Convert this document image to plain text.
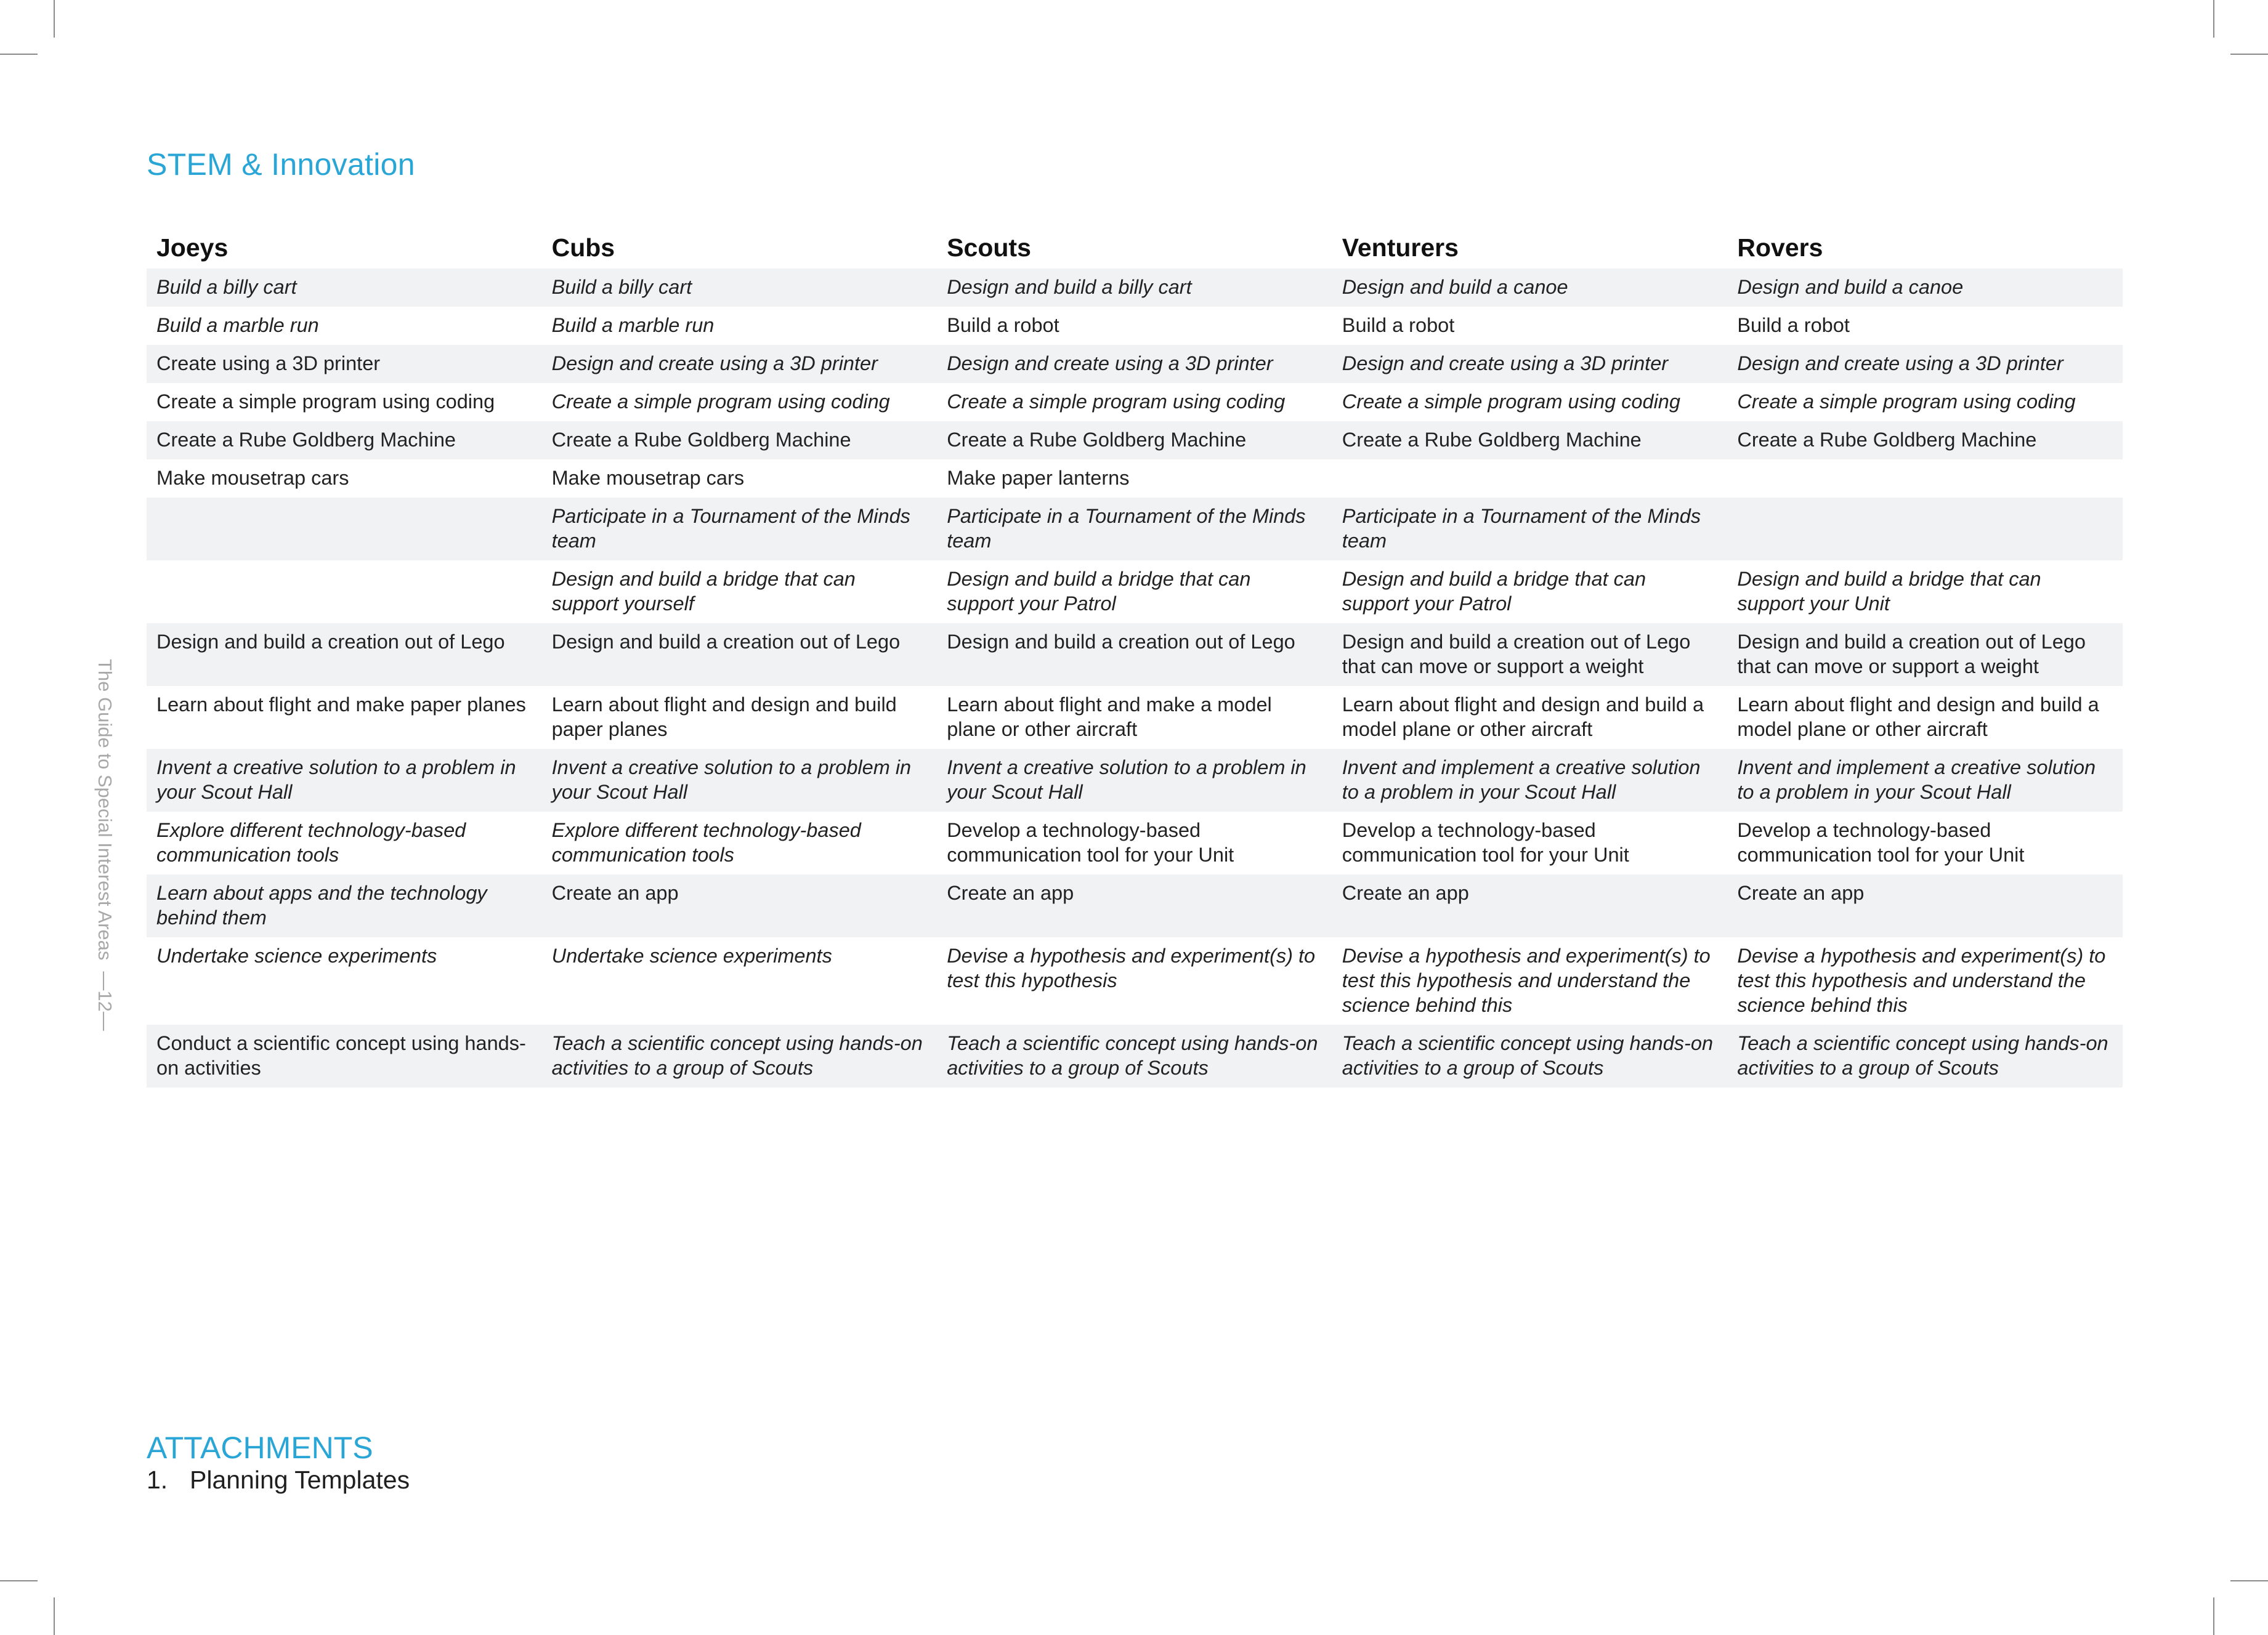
STEM & Innovation
The Guide to Special Interest Areas
—12—
Joeys	Cubs	Scouts	Venturers	Rovers
Build a billy cart	Build a billy cart	Design and build a billy cart	Design and build a canoe	Design and build a canoe
Build a marble run	Build a marble run	Build a robot	Build a robot	Build a robot
Create using a 3D printer	Design and create using a 3D printer	Design and create using a 3D printer	Design and create using a 3D printer	Design and create using a 3D printer
Create a simple program using coding	Create a simple program using coding	Create a simple program using coding	Create a simple program using coding	Create a simple program using coding
Create a Rube Goldberg Machine	Create a Rube Goldberg Machine	Create a Rube Goldberg Machine	Create a Rube Goldberg Machine	Create a Rube Goldberg Machine
Make mousetrap cars	Make mousetrap cars	Make paper lanterns		
	Participate in a Tournament of the Minds team	Participate in a Tournament of the Minds team	Participate in a Tournament of the Minds team	
	Design and build a bridge that can support yourself	Design and build a bridge that can support your Patrol	Design and build a bridge that can support your Patrol	Design and build a bridge that can support your Unit
Design and build a creation out of Lego	Design and build a creation out of Lego	Design and build a creation out of Lego	Design and build a creation out of Lego that can move or support a weight	Design and build a creation out of Lego that can move or support a weight
Learn about flight and make paper planes	Learn about flight and design and build paper planes	Learn about flight and make a model plane or other aircraft	Learn about flight and design and build a model plane or other aircraft	Learn about flight and design and build a model plane or other aircraft
Invent a creative solution to a problem in your Scout Hall	Invent a creative solution to a problem in your Scout Hall	Invent a creative solution to a problem in your Scout Hall	Invent and implement a creative solution to a problem in your Scout Hall	Invent and implement a creative solution to a problem in your Scout Hall
Explore different technology-based communication tools	Explore different technology-based communication tools	Develop a technology-based communication tool for your Unit	Develop a technology-based communication tool for your Unit	Develop a technology-based communication tool for your Unit
Learn about apps and the technology behind them	Create an app	Create an app	Create an app	Create an app
Undertake science experiments	Undertake science experiments	Devise a hypothesis and experiment(s) to test this hypothesis	Devise a hypothesis and experiment(s) to test this hypothesis and understand the science behind this	Devise a hypothesis and experiment(s) to test this hypothesis and understand the science behind this
Conduct a scientific concept using hands-on activities	Teach a scientific concept using hands-on activities to a group of Scouts	Teach a scientific concept using hands-on activities to a group of Scouts	Teach a scientific concept using hands-on activities to a group of Scouts	Teach a scientific concept using hands-on activities to a group of Scouts
ATTACHMENTS
1. Planning Templates
